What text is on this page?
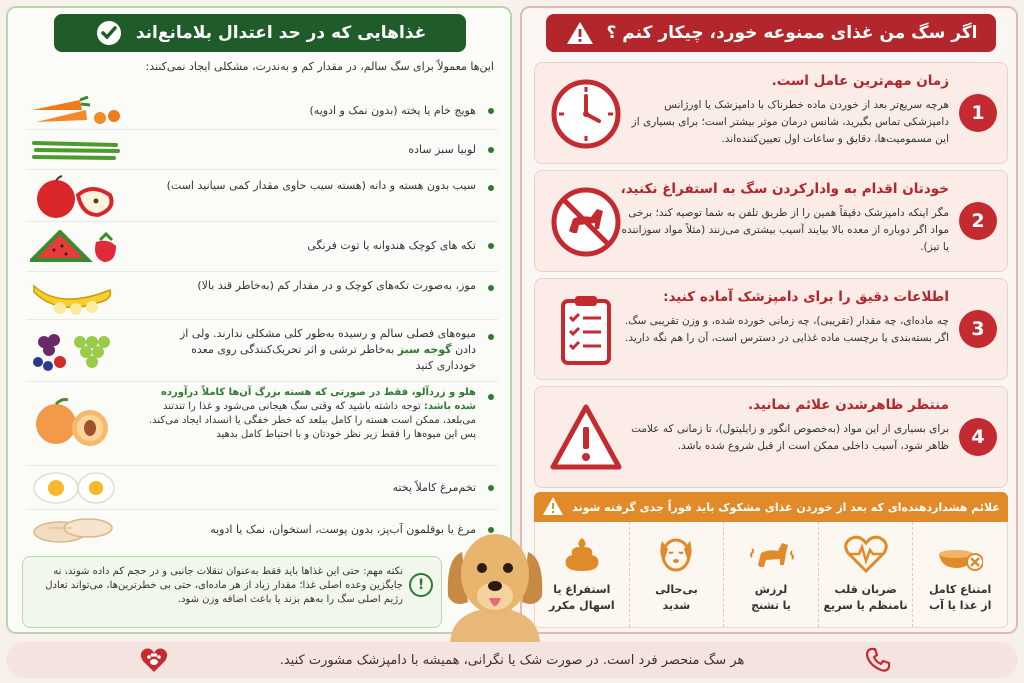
اگر سگ من غذای ممنوعه خورد، چیکار کنم ؟
1
زمان مهم‌ترین عامل است.
هرچه سریع‌تر بعد از خوردن ماده خطرناک با دامپزشک یا اورژانس دامپزشکی تماس بگیرید، شانس درمان موثر بیشتر است؛ برای بسیاری از این مسمومیت‌ها، دقایق و ساعات اول تعیین‌کننده‌اند.
2
خودتان اقدام به وادارکردن سگ به استفراغ نکنید،
مگر اینکه دامپزشک دقیقاً همین را از طریق تلفن به شما توصیه کند؛ برخی مواد اگر دوباره از معده بالا بیایند آسیب بیشتری می‌زنند (مثلاً مواد سوزاننده یا تیز).
3
اطلاعات دقیق را برای دامپزشک آماده کنید:
چه ماده‌ای، چه مقدار (تقریبی)، چه زمانی خورده شده، و وزن تقریبی سگ. اگر بسته‌بندی یا برچسب ماده غذایی در دسترس است، آن را هم نگه دارید.
4
منتظر ظاهرشدن علائم نمانید.
برای بسیاری از این مواد (به‌خصوص انگور و زایلیتول)، تا زمانی که علامت ظاهر شود، آسیب داخلی ممکن است از قبل شروع شده باشد.
علائم هشداردهنده‌ای که بعد از خوردن غذای مشکوک باید فوراً جدی گرفته شوند
امتناع کامل
از غذا یا آب
ضربان قلب
نامنظم یا سریع
لرزش
یا تشنج
بی‌حالی
شدید
استفراغ یا
اسهال مکرر
غذاهایی که در حد اعتدال بلامانع‌اند
این‌ها معمولاً برای سگ سالم، در مقدار کم و به‌ندرت، مشکلی ایجاد نمی‌کنند:
هویج خام یا پخته (بدون نمک و ادویه)
لوبیا سبز ساده
سیب بدون هسته و دانه (هسته سیب حاوی مقدار کمی سیانید است)
تکه های کوچک هندوانه یا توت فرنگی
موز، به‌صورت تکه‌های کوچک و در مقدار کم (به‌خاطر قند بالا)
میوه‌های فصلی سالم و رسیده به‌طور کلی مشکلی ندارند. ولی از دادن گوجه سبز به‌خاطر ترشی و اثر تحریک‌کنندگی روی معده خودداری کنید
هلو و زردآلو، فقط در صورتی که هسته بزرگ آن‌ها کاملاً درآورده شده باشد: توجه داشته باشید که وقتی سگ هیجانی می‌شود و غذا را تندتند می‌بلعد، ممکن است هسته را کامل ببلعد که خطر خفگی یا انسداد ایجاد می‌کند. پس این میوه‌ها را فقط زیر نظر خودتان و با احتیاط کامل بدهید
تخم‌مرغ کاملاً پخته
مرغ یا بوقلمون آب‌پز، بدون پوست، استخوان، نمک یا ادویه
!
نکته مهم: حتی این غذاها باید فقط به‌عنوان تنقلات جانبی و در حجم کم داده شوند، نه جایگزین وعده اصلی غذا؛ مقدار زیاد از هر ماده‌ای، حتی بی خطرترین‌ها، می‌تواند تعادل رژیم اصلی سگ را به‌هم بزند یا باعث اضافه وزن شود.
هر سگ منحصر فرد است. در صورت شک یا نگرانی، همیشه با دامپزشک مشورت کنید.
